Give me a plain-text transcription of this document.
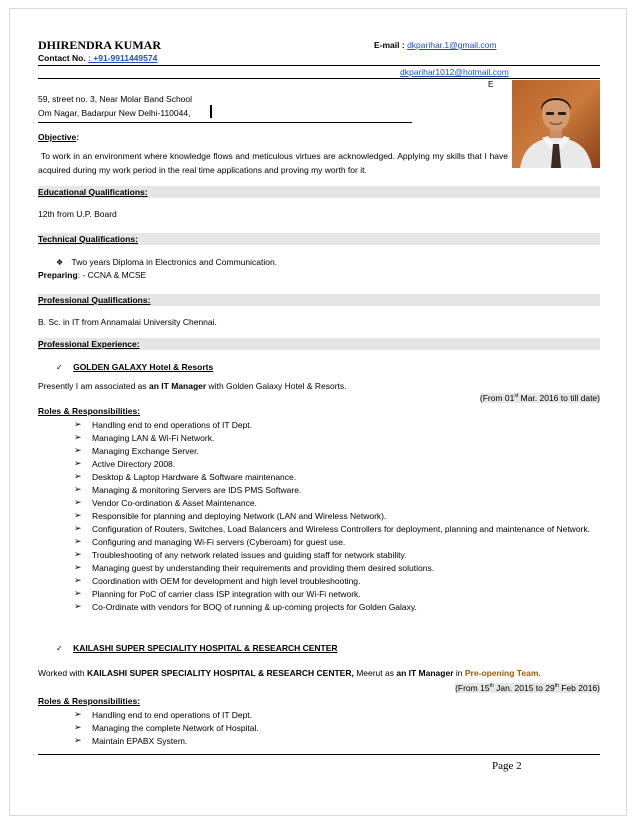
DHIRENDRA KUMAR	E-mail : dkparihar.1@gmail.com
Contact No. : +91-9911449574
dkparihar1012@hotmail.com
E
59, street no. 3, Near Molar Band School
Om Nagar, Badarpur New Delhi-110044,
Objective:
To work in an environment where knowledge flows and meticulous virtues are acknowledged. Applying my skills that I have acquired during my work period in the real time applications and proving my worth for it.
Educational Qualifications:
12th from U.P. Board
Technical Qualifications:
❖ Two years Diploma in Electronics and Communication.
Preparing: - CCNA & MCSE
Professional Qualifications:
B. Sc. in IT from Annamalai University Chennai.
Professional Experience:
✓ GOLDEN GALAXY Hotel & Resorts
Presently I am associated as an IT Manager with Golden Galaxy Hotel & Resorts.
(From 01st Mar. 2016 to till date)
Roles & Responsibilities:
➢ Handling end to end operations of IT Dept.
➢ Managing LAN & Wi-Fi Network.
➢ Managing Exchange Server.
➢ Active Directory 2008.
➢ Desktop & Laptop Hardware & Software maintenance.
➢ Managing & monitoring Servers are IDS PMS Software.
➢ Vendor Co-ordination & Asset Maintenance.
➢ Responsible for planning and deploying Network (LAN and Wireless Network).
➢ Configuration of Routers, Switches, Load Balancers and Wireless Controllers for deployment, planning and maintenance of Network.
➢ Configuring and managing Wi-Fi servers (Cyberoam) for guest use.
➢ Troubleshooting of any network related issues and guiding staff for network stability.
➢ Managing guest by understanding their requirements and providing them desired solutions.
➢ Coordination with OEM for development and high level troubleshooting.
➢ Planning for PoC of carrier class ISP integration with our Wi-Fi network.
➢ Co-Ordinate with vendors for BOQ of running & up-coming projects for Golden Galaxy.
✓ KAILASHI SUPER SPECIALITY HOSPITAL & RESEARCH CENTER
Worked with KAILASHI SUPER SPECIALITY HOSPITAL & RESEARCH CENTER, Meerut as an IT Manager in Pre-opening Team.
(From 15th Jan. 2015 to 29th Feb 2016)
Roles & Responsibilities:
➢ Handling end to end operations of IT Dept.
➢ Managing the complete Network of Hospital.
➢ Maintain EPABX System.
Page 2
